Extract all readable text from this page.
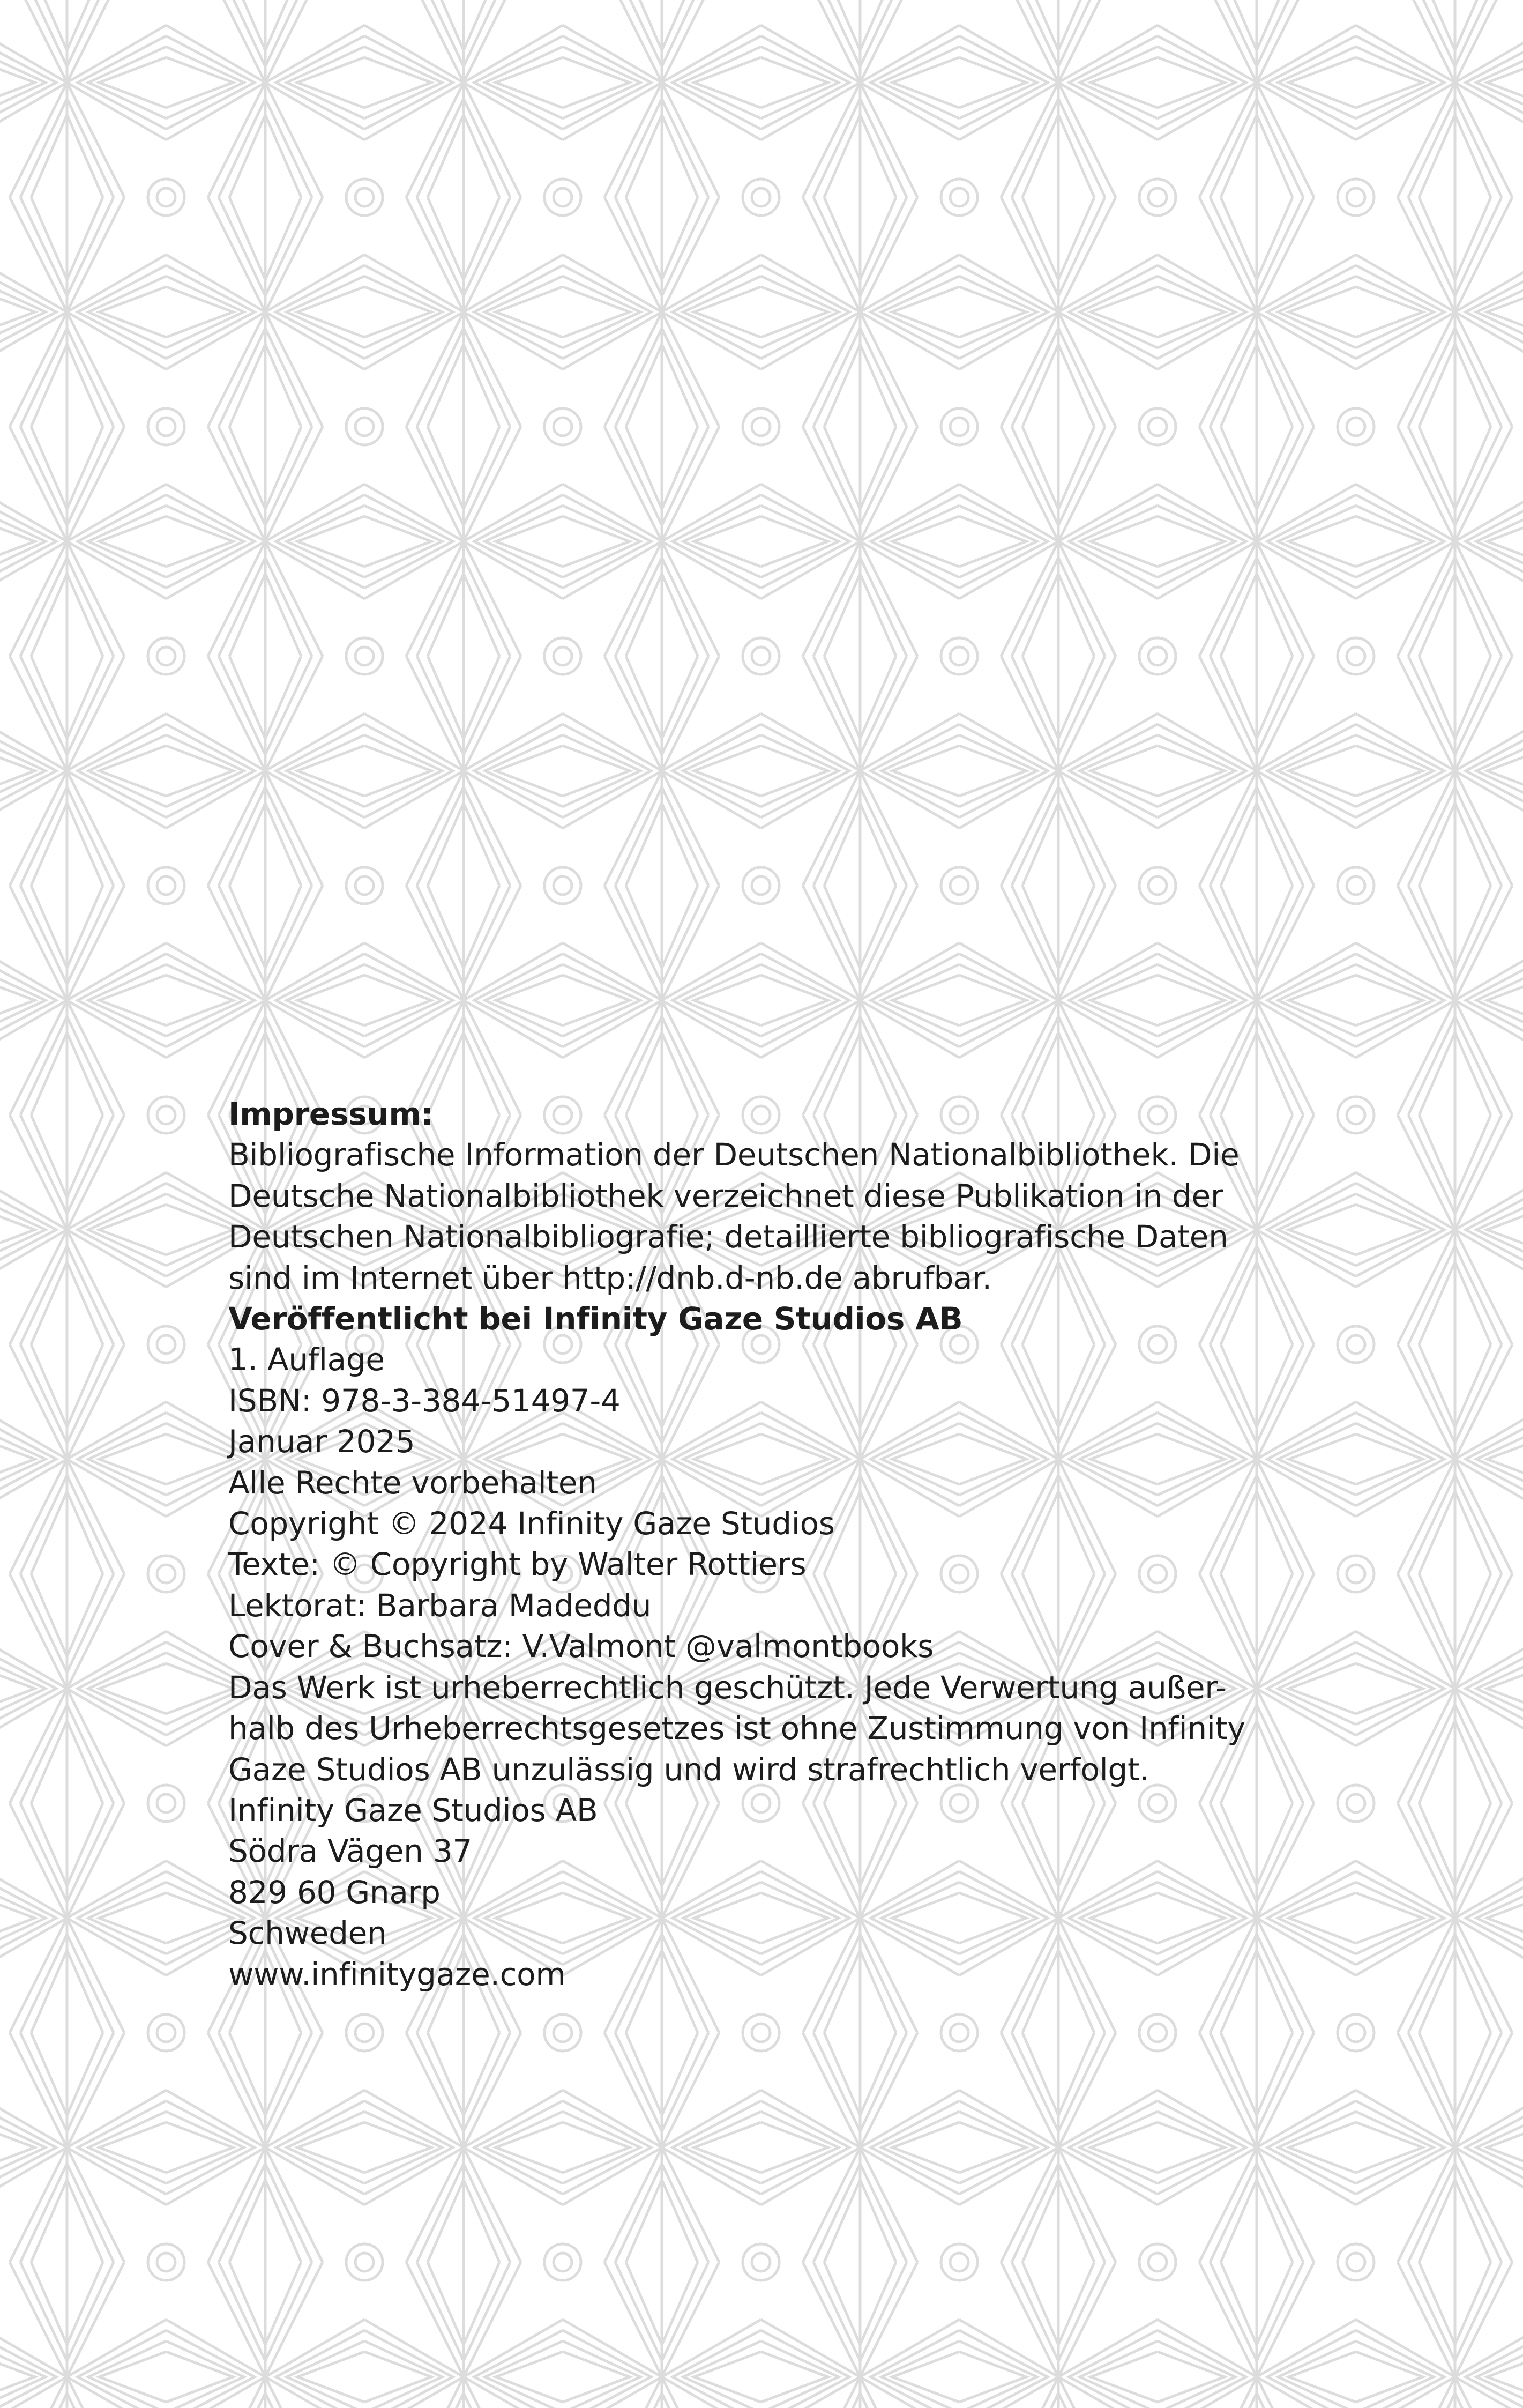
Impressum:
Bibliografische Information der Deutschen Nationalbibliothek. Die
Deutsche Nationalbibliothek verzeichnet diese Publikation in der
Deutschen Nationalbibliografie; detaillierte bibliografische Daten
sind im Internet über http://dnb.d-nb.de abrufbar.
Veröffentlicht bei Infinity Gaze Studios AB
1. Auflage
ISBN: 978-3-384-51497-4
Januar 2025
Alle Rechte vorbehalten
Copyright © 2024 Infinity Gaze Studios
Texte: © Copyright by Walter Rottiers
Lektorat: Barbara Madeddu
Cover & Buchsatz: V.Valmont @valmontbooks
Das Werk ist urheberrechtlich geschützt. Jede Verwertung außer-
halb des Urheberrechtsgesetzes ist ohne Zustimmung von Infinity
Gaze Studios AB unzulässig und wird strafrechtlich verfolgt.
Infinity Gaze Studios AB
Södra Vägen 37
829 60 Gnarp
Schweden
www.infinitygaze.com
